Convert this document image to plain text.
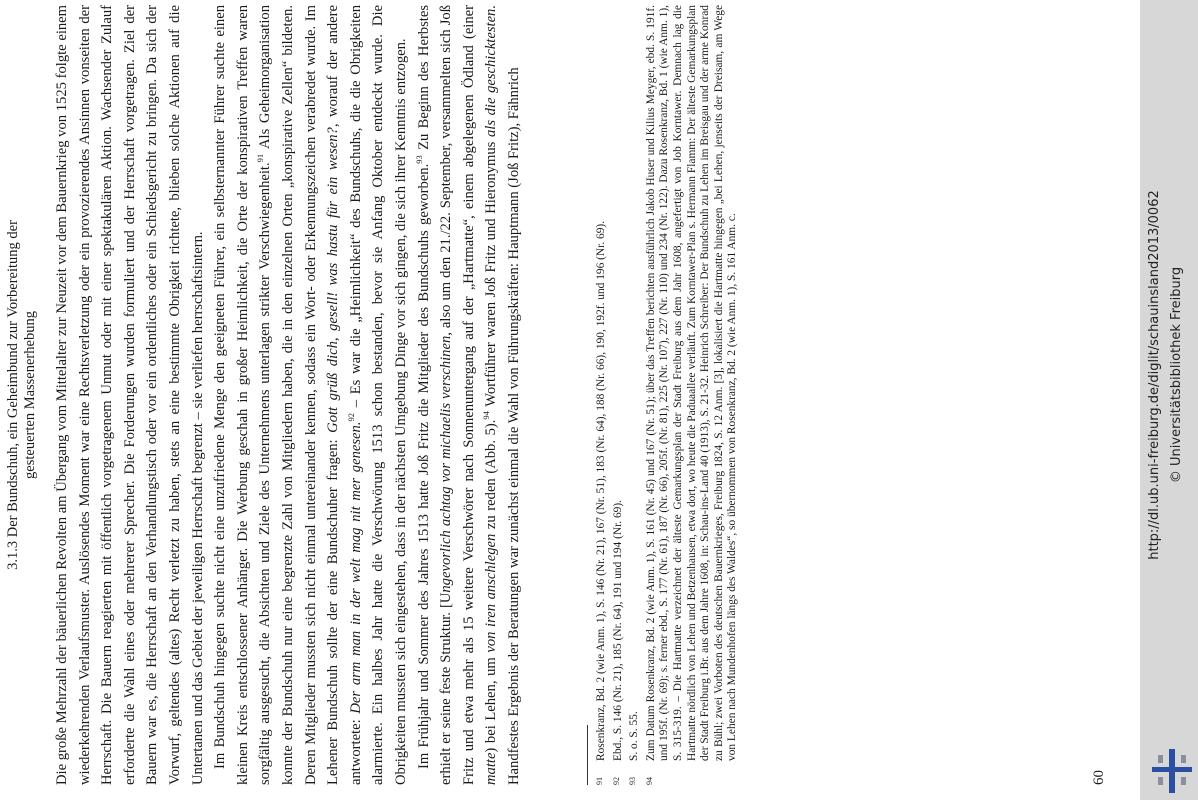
3.1.3 Der Bundschuh, ein Geheimbund zur Vorbereitung der gesteuerten Massenerhebung Die große Mehrzahl der bäuerlichen Revolten am Übergang vom Mittelalter zur Neuzeit vor dem Bauernkrieg von 1525 folgte einem wiederkehrenden Verlaufsmuster. Auslösendes Moment war eine Rechtsverletzung oder ein provozierendes Ansinnen vonseiten der Herrschaft. Die Bauern reagierten mit öffentlich vorgetragenem Unmut oder mit einer spektakulären Aktion. Wachsender Zulauf erforderte die Wahl eines oder mehrerer Sprecher. Die Forderungen wurden formuliert und der Herrschaft vorgetragen. Ziel der Bauern war es, die Herrschaft an den Verhandlungstisch oder vor ein ordentliches oder ein Schiedsgericht zu bringen. Da sich der Vorwurf, geltendes (altes) Recht verletzt zu haben, stets an eine bestimmte Obrigkeit richtete, blieben solche Aktionen auf die Untertanen und das Gebiet der jeweiligen Herrschaft begrenzt – sie verliefen herrschaftsintern. Im Bundschuh hingegen suchte nicht eine unzufriedene Menge den geeigneten Führer, ein selbsternannter Führer suchte einen kleinen Kreis entschlossener Anhänger. Die Werbung geschah in großer Heimlichkeit, die Orte der konspirativen Treffen waren sorgfältig ausgesucht, die Absichten und Ziele des Unternehmens unterlagen strikter Verschwiegenheit.$^{91}$ Als Geheimorganisation konnte der Bundschuh nur eine begrenzte Zahl von Mitgliedern haben, die in den einzelnen Orten „konspirative Zellen“ bildeten. Deren Mitglieder mussten sich nicht einmal untereinander kennen, sodass ein Wort- oder Erkennungszeichen verabredet wurde. Im Lehener Bundschuh sollte der eine Bundschuher fragen: Gott grüß dich, gesell! was hastu für ein wesen?, worauf der andere antwortete: Der arm man in der welt mag nit mer genesen.$^{92}$ – Es war die „Heimlichkeit“ des Bundschuhs, die die Obrigkeiten alarmierte. Ein halbes Jahr hatte die Verschwörung 1513 schon bestanden, bevor sie Anfang Oktober entdeckt wurde. Die Obrigkeiten mussten sich eingestehen, dass in der nächsten Umgebung Dinge vor sich gingen, die sich ihrer Kenntnis entzogen. Im Frühjahr und Sommer des Jahres 1513 hatte Joß Fritz die Mitglieder des Bundschuhs geworben.$^{93}$ Zu Beginn des Herbstes erhielt er seine feste Struktur. [Ungevorlich achtag vor michaelis verschinen, also um den 21./22. September, versammelten sich Joß Fritz und etwa mehr als 15 weitere Verschwörer nach Sonnenuntergang auf der „Hartmatte“, einem abgelegenen Ödland (einer matte) bei Lehen, um von iren anschlegen zu reden (Abb. 5).$^{94}$ Wortführer waren Joß Fritz und Hieronymus als die geschicktesten. Handfestes Ergebnis der Beratungen war zunächst einmal die Wahl von Führungskräften: Hauptmann (Joß Fritz), Fähnrich	91
Rosenkranz, Bd. 2 (wie Anm. 1), S. 146 (Nr. 21), 167 (Nr. 51), 183 (Nr. 64), 188 (Nr. 66), 190, 192f. und 196 (Nr. 69).
92
Ebd., S. 146 (Nr. 21), 185 (Nr. 64), 191 und 194 (Nr. 69).
93
S. o. S. 55.
94
Zum Datum Rosenkranz, Bd. 2 (wie Anm. 1), S. 161 (Nr. 45) und 167 (Nr. 51); über das Treffen berichten ausführlich Jakob Huser und Kilius Meyger, ebd. S. 191f. und 195f. (Nr. 69); s. ferner ebd., S. 177 (Nr. 61), 187 (Nr. 66), 205f. (Nr. 81), 225 (Nr. 107), 227 (Nr. 110) und 234 (Nr. 122). Dazu Rosenkranz, Bd. 1 (wie Anm. 1), S. 315-319. – Die Hartmatte verzeichnet der älteste Gemarkungsplan der Stadt Freiburg aus dem Jahr 1608, angefertigt von Job Korntawer. Demnach lag die Hartmatte nördlich von Lehen und Betzenhausen, etwa dort, wo heute die Paduaallee verläuft. Zum Korntawer-Plan s. Hermann Flamm: Der älteste Gemarkungsplan der Stadt Freiburg i.Br. aus dem Jahre 1608, in: Schau-ins-Land 40 (1913), S. 21-32. Heinrich Schreiber: Der Bundschuh zu Lehen im Breisgau und der arme Konrad zu Bühl; zwei Vorboten des deutschen Bauernkrieges, Freiburg 1824, S. 12 Anm. [3], lokalisiert die Hartmatte hingegen „bei Lehen, jenseits der Dreisam, am Wege von Lehen nach Mundenhofen längs des Waldes“, so übernommen von Rosenkranz, Bd. 2 (wie Anm. 1), S. 161 Anm. c.
60
http://dl.ub.uni-freiburg.de/diglit/schauinsland2013/0062 © Universitätsbibliothek Freiburg
